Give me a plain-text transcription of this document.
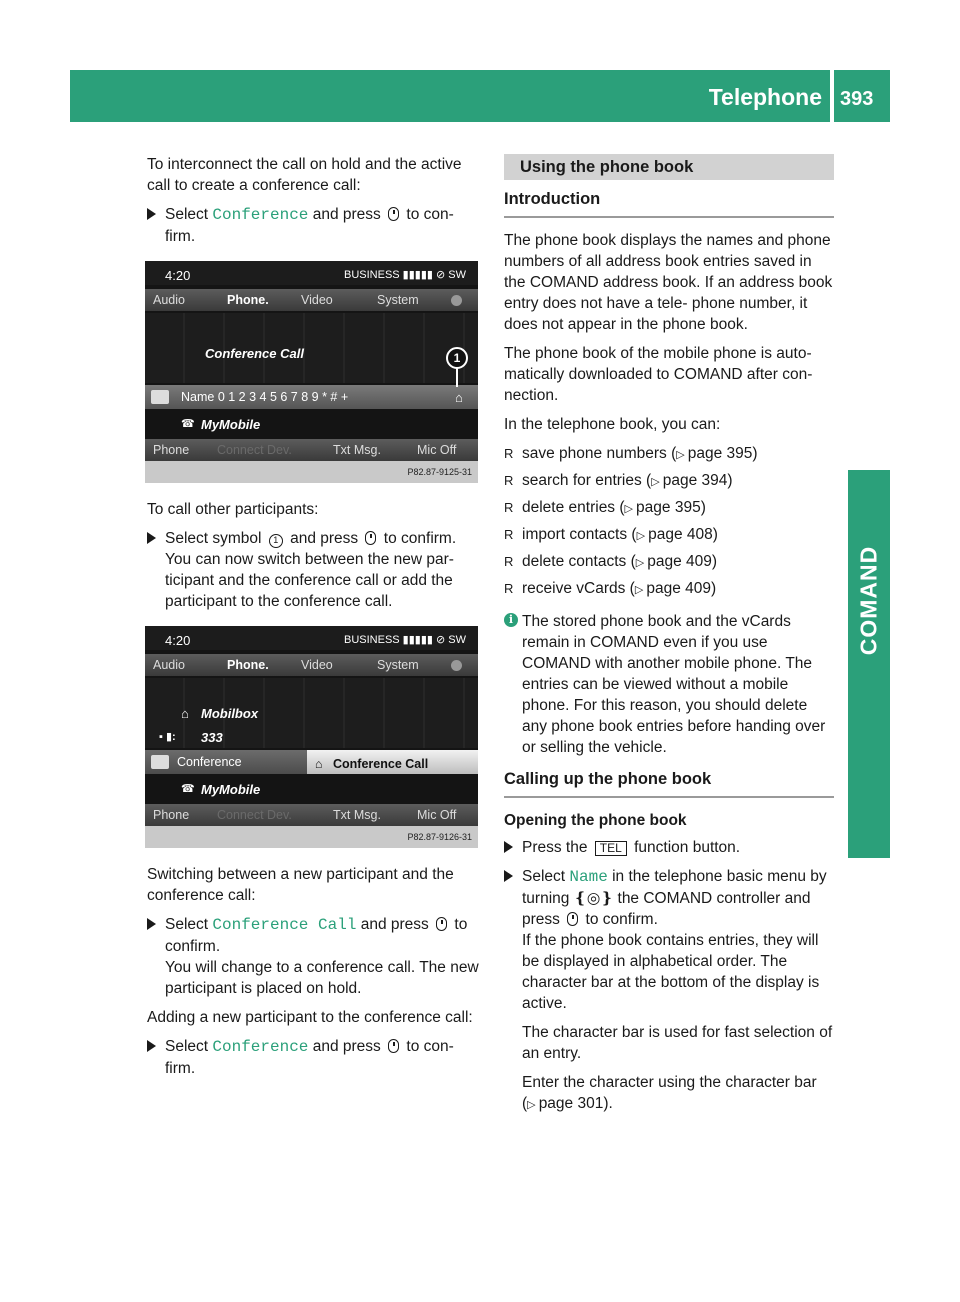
Telephone 393
COMAND

To interconnect the call on hold and the active call to create a conference call:

Select Conference and press  to con-
firm.
4:20	BUSINESS ▮▮▮▮▮ ⊘ SW
Audio	Phone.	Video	System
Conference Call
Name 0 1 2 3 4 5 6 7 8 9 * # +	⌂
1
☎ MyMobile
Phone Connect Dev.	Txt Msg.	Mic Off
P82.87-9125-31

To call other participants:

Select symbol 1 and press  to confirm.
You can now switch between the new par- ticipant and the conference call or add the participant to the conference call.
4:20	BUSINESS ▮▮▮▮▮ ⊘ SW
Audio	Phone.	Video	System
⌂ Mobilbox
▪ ▮: 333
Conference	⌂ Conference Call
☎ MyMobile
Phone Connect Dev.	Txt Msg.	Mic Off
P82.87-9126-31

Switching between a new participant and the conference call:

Select Conference Call and press  to
confirm.
You will change to a conference call. The new participant is placed on hold.

Adding a new participant to the conference call:

Select Conference and press  to con-
firm.
Using the phone book
Introduction

The phone book displays the names and phone numbers of all address book entries saved in the COMAND address book. If an address book entry does not have a tele- phone number, it does not appear in the phone book.

The phone book of the mobile phone is auto- matically downloaded to COMAND after con- nection.

In the telephone book, you can:

R save phone numbers (▷ page 395)
R search for entries (▷ page 394)
R delete entries (▷ page 395)
R import contacts (▷ page 408)
R delete contacts (▷ page 409)
R receive vCards (▷ page 409)
i The stored phone book and the vCards remain in COMAND even if you use COMAND with another mobile phone. The entries can be viewed without a mobile phone. For this reason, you should delete any phone book entries before handing over or selling the vehicle.
Calling up the phone book
Opening the phone book
Press the TEL function button.
Select Name in the telephone basic menu by turning ❴◎❵ the COMAND controller and press  to confirm.
If the phone book contains entries, they will be displayed in alphabetical order. The character bar at the bottom of the display is active.

The character bar is used for fast selection of an entry.

Enter the character using the character bar (▷ page 301).
